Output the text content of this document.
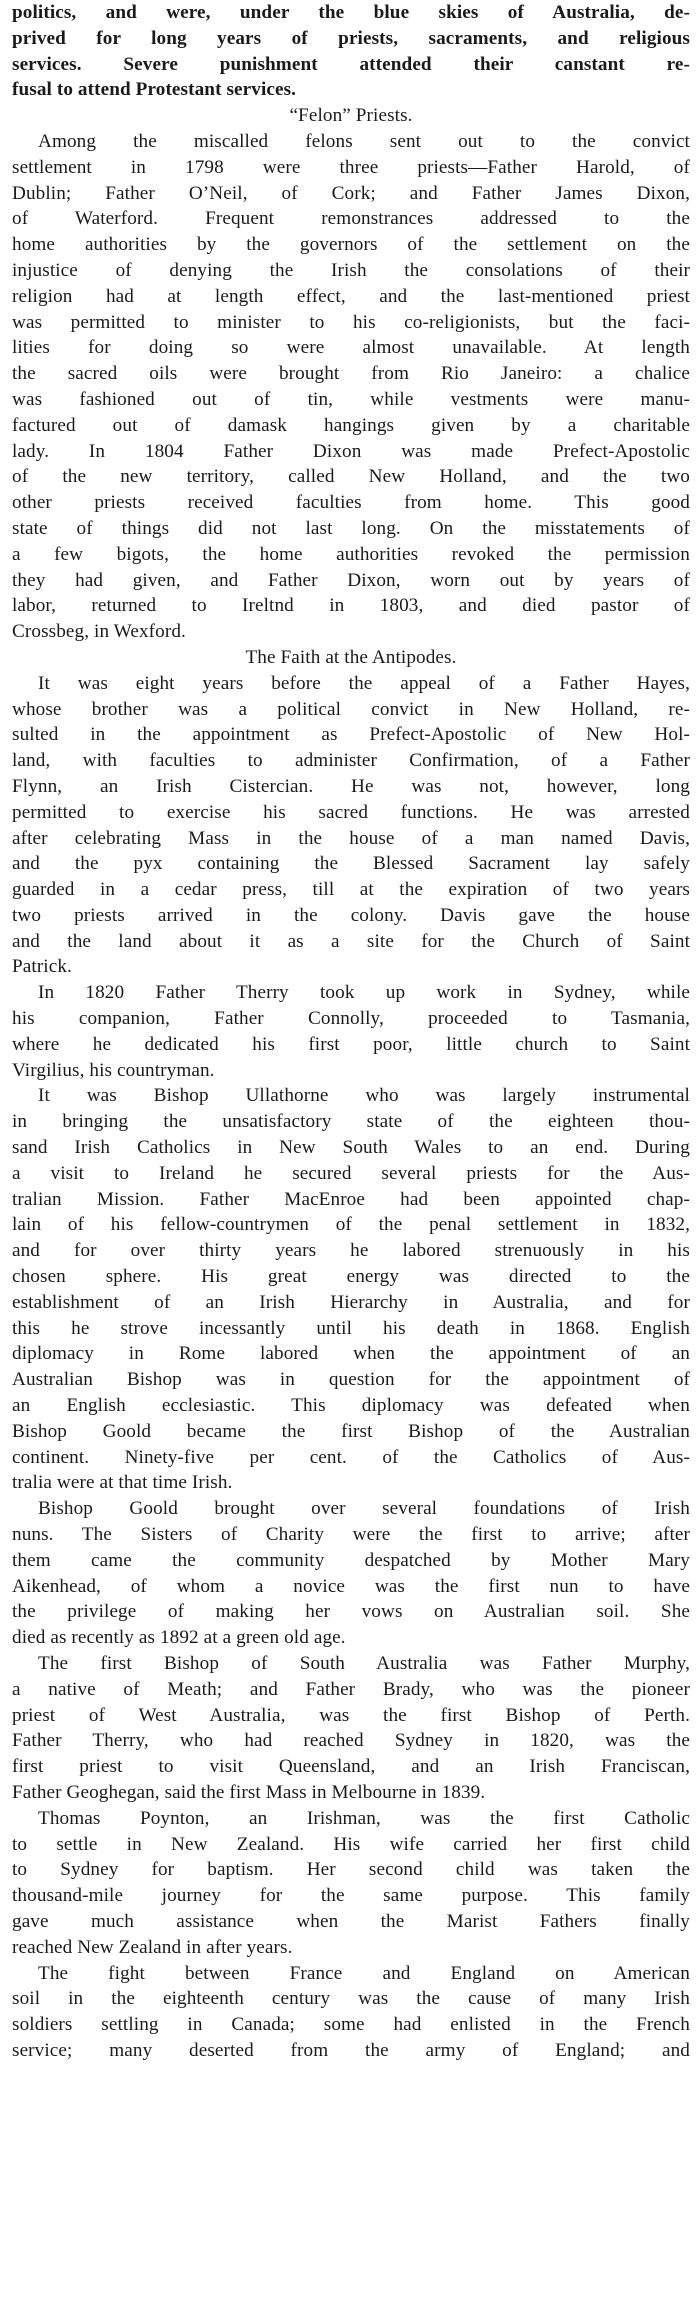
politics, and were, under the blue skies of Australia, de-
prived for long years of priests, sacraments, and religious
services. Severe punishment attended their canstant re-
fusal to attend Protestant services.
“Felon” Priests.
Among the miscalled felons sent out to the convict
settlement in 1798 were three priests—Father Harold, of
Dublin; Father O’Neil, of Cork; and Father James Dixon,
of Waterford. Frequent remonstrances addressed to the
home authorities by the governors of the settlement on the
injustice of denying the Irish the consolations of their
religion had at length effect, and the last-mentioned priest
was permitted to minister to his co-religionists, but the faci-
lities for doing so were almost unavailable. At length
the sacred oils were brought from Rio Janeiro: a chalice
was fashioned out of tin, while vestments were manu-
factured out of damask hangings given by a charitable
lady. In 1804 Father Dixon was made Prefect-Apostolic
of the new territory, called New Holland, and the two
other priests received faculties from home. This good
state of things did not last long. On the misstatements of
a few bigots, the home authorities revoked the permission
they had given, and Father Dixon, worn out by years of
labor, returned to Ireltnd in 1803, and died pastor of
Crossbeg, in Wexford.
The Faith at the Antipodes.
It was eight years before the appeal of a Father Hayes,
whose brother was a political convict in New Holland, re-
sulted in the appointment as Prefect-Apostolic of New Hol-
land, with faculties to administer Confirmation, of a Father
Flynn, an Irish Cistercian. He was not, however, long
permitted to exercise his sacred functions. He was arrested
after celebrating Mass in the house of a man named Davis,
and the pyx containing the Blessed Sacrament lay safely
guarded in a cedar press, till at the expiration of two years
two priests arrived in the colony. Davis gave the house
and the land about it as a site for the Church of Saint
Patrick.
In 1820 Father Therry took up work in Sydney, while
his companion, Father Connolly, proceeded to Tasmania,
where he dedicated his first poor, little church to Saint
Virgilius, his countryman.
It was Bishop Ullathorne who was largely instrumental
in bringing the unsatisfactory state of the eighteen thou-
sand Irish Catholics in New South Wales to an end. During
a visit to Ireland he secured several priests for the Aus-
tralian Mission. Father MacEnroe had been appointed chap-
lain of his fellow-countrymen of the penal settlement in 1832,
and for over thirty years he labored strenuously in his
chosen sphere. His great energy was directed to the
establishment of an Irish Hierarchy in Australia, and for
this he strove incessantly until his death in 1868. English
diplomacy in Rome labored when the appointment of an
Australian Bishop was in question for the appointment of
an English ecclesiastic. This diplomacy was defeated when
Bishop Goold became the first Bishop of the Australian
continent. Ninety-five per cent. of the Catholics of Aus-
tralia were at that time Irish.
Bishop Goold brought over several foundations of Irish
nuns. The Sisters of Charity were the first to arrive; after
them came the community despatched by Mother Mary
Aikenhead, of whom a novice was the first nun to have
the privilege of making her vows on Australian soil. She
died as recently as 1892 at a green old age.
The first Bishop of South Australia was Father Murphy,
a native of Meath; and Father Brady, who was the pioneer
priest of West Australia, was the first Bishop of Perth.
Father Therry, who had reached Sydney in 1820, was the
first priest to visit Queensland, and an Irish Franciscan,
Father Geoghegan, said the first Mass in Melbourne in 1839.
Thomas Poynton, an Irishman, was the first Catholic
to settle in New Zealand. His wife carried her first child
to Sydney for baptism. Her second child was taken the
thousand-mile journey for the same purpose. This family
gave much assistance when the Marist Fathers finally
reached New Zealand in after years.
The fight between France and England on American
soil in the eighteenth century was the cause of many Irish
soldiers settling in Canada; some had enlisted in the French
service; many deserted from the army of England; and
